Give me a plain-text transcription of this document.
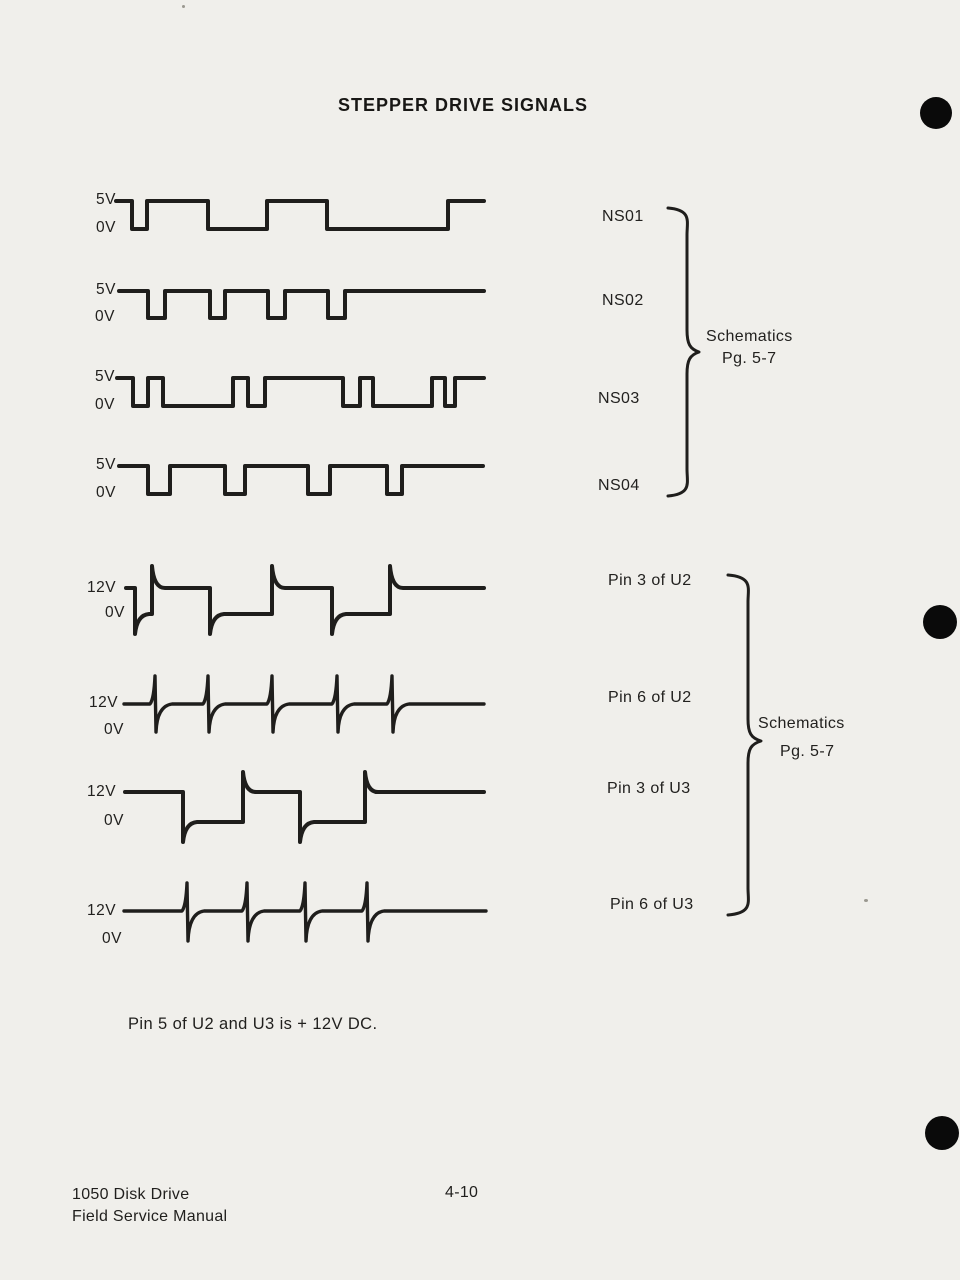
STEPPER DRIVE SIGNALS
5V
0V
NS01
5V
0V
NS02
5V
0V	NS03
5V
0V	NS04
12V
0V
Pin 3 of U2
12V
0V
Pin 6 of U2
12V
0V
Pin 3 of U3
12V
0V
Pin 6 of U3
Schematics
Pg. 5-7
Schematics
Pg. 5-7
Pin 5 of U2 and U3 is + 12V DC.
1050 Disk Drive
Field Service Manual
4-10
